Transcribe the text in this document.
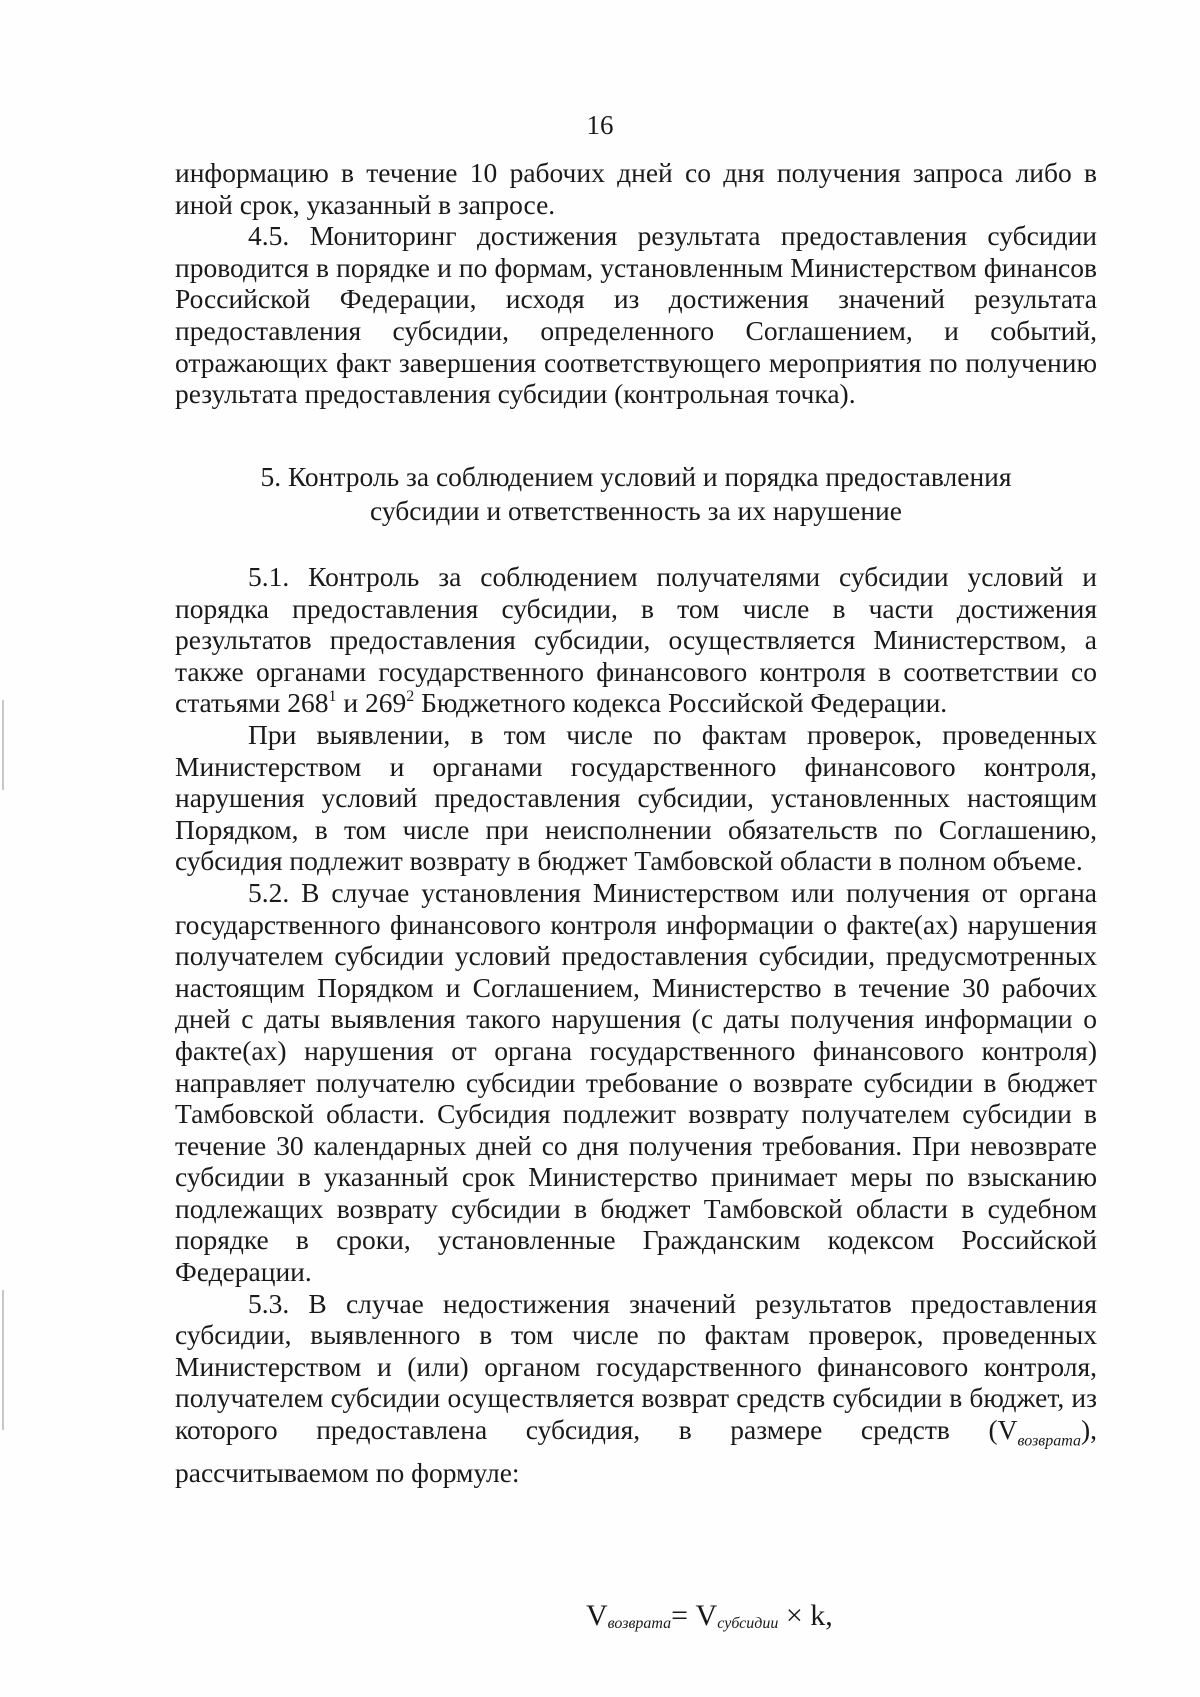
16

информацию в течение 10 рабочих дней со дня получения запроса либо в иной срок, указанный в запросе.

4.5. Мониторинг достижения результата предоставления субсидии проводится в порядке и по формам, установленным Министерством финансов Российской Федерации, исходя из достижения значений результата предоставления субсидии, определенного Соглашением, и событий, отражающих факт завершения соответствующего мероприятия по получению результата предоставления субсидии (контрольная точка).

5. Контроль за соблюдением условий и порядка предоставления
субсидии и ответственность за их нарушение

5.1. Контроль за соблюдением получателями субсидии условий и порядка предоставления субсидии, в том числе в части достижения результатов предоставления субсидии, осуществляется Министерством, а также органами государственного финансового контроля в соответствии со статьями $268^1$ и $269^2$ Бюджетного кодекса Российской Федерации.

При выявлении, в том числе по фактам проверок, проведенных Министерством и органами государственного финансового контроля, нарушения условий предоставления субсидии, установленных настоящим Порядком, в том числе при неисполнении обязательств по Соглашению, субсидия подлежит возврату в бюджет Тамбовской области в полном объеме.

5.2. В случае установления Министерством или получения от органа государственного финансового контроля информации о факте(ах) нарушения получателем субсидии условий предоставления субсидии, предусмотренных настоящим Порядком и Соглашением, Министерство в течение 30 рабочих дней с даты выявления такого нарушения (с даты получения информации о факте(ах) нарушения от органа государственного финансового контроля) направляет получателю субсидии требование о возврате субсидии в бюджет Тамбовской области. Субсидия подлежит возврату получателем субсидии в течение 30 календарных дней со дня получения требования. При невозврате субсидии в указанный срок Министерство принимает меры по взысканию подлежащих возврату субсидии в бюджет Тамбовской области в судебном порядке в сроки, установленные Гражданским кодексом Российской Федерации.

5.3. В случае недостижения значений результатов предоставления субсидии, выявленного в том числе по фактам проверок, проведенных Министерством и (или) органом государственного финансового контроля, получателем субсидии осуществляется возврат средств субсидии в бюджет, из которого предоставлена субсидия, в размере средств $(V_{возврата})$, рассчитываемом по формуле:

$V_{возврата}= V_{субсидии} \times k$,
